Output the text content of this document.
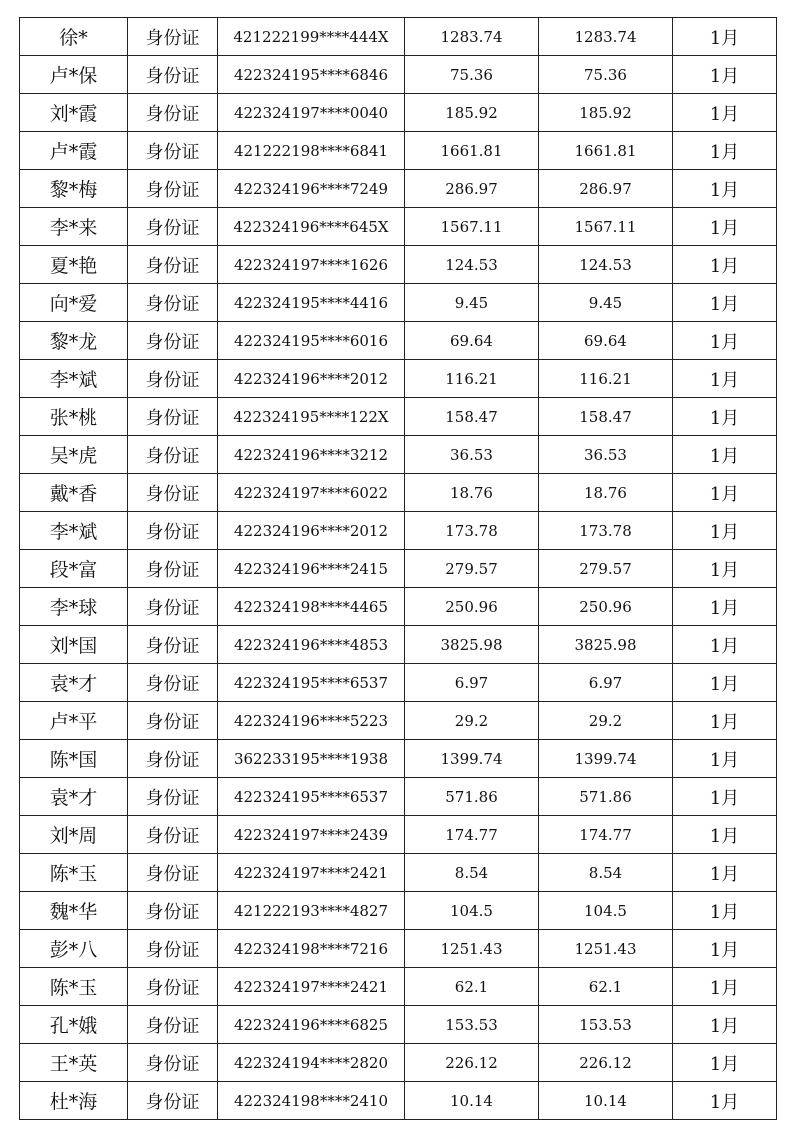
徐*	身份证	421222199****444X	1283.74	1283.74	1月
卢*保	身份证	422324195****6846	75.36	75.36	1月
刘*霞	身份证	422324197****0040	185.92	185.92	1月
卢*霞	身份证	421222198****6841	1661.81	1661.81	1月
黎*梅	身份证	422324196****7249	286.97	286.97	1月
李*来	身份证	422324196****645X	1567.11	1567.11	1月
夏*艳	身份证	422324197****1626	124.53	124.53	1月
向*爱	身份证	422324195****4416	9.45	9.45	1月
黎*龙	身份证	422324195****6016	69.64	69.64	1月
李*斌	身份证	422324196****2012	116.21	116.21	1月
张*桃	身份证	422324195****122X	158.47	158.47	1月
吴*虎	身份证	422324196****3212	36.53	36.53	1月
戴*香	身份证	422324197****6022	18.76	18.76	1月
李*斌	身份证	422324196****2012	173.78	173.78	1月
段*富	身份证	422324196****2415	279.57	279.57	1月
李*球	身份证	422324198****4465	250.96	250.96	1月
刘*国	身份证	422324196****4853	3825.98	3825.98	1月
袁*才	身份证	422324195****6537	6.97	6.97	1月
卢*平	身份证	422324196****5223	29.2	29.2	1月
陈*国	身份证	362233195****1938	1399.74	1399.74	1月
袁*才	身份证	422324195****6537	571.86	571.86	1月
刘*周	身份证	422324197****2439	174.77	174.77	1月
陈*玉	身份证	422324197****2421	8.54	8.54	1月
魏*华	身份证	421222193****4827	104.5	104.5	1月
彭*八	身份证	422324198****7216	1251.43	1251.43	1月
陈*玉	身份证	422324197****2421	62.1	62.1	1月
孔*娥	身份证	422324196****6825	153.53	153.53	1月
王*英	身份证	422324194****2820	226.12	226.12	1月
杜*海	身份证	422324198****2410	10.14	10.14	1月
